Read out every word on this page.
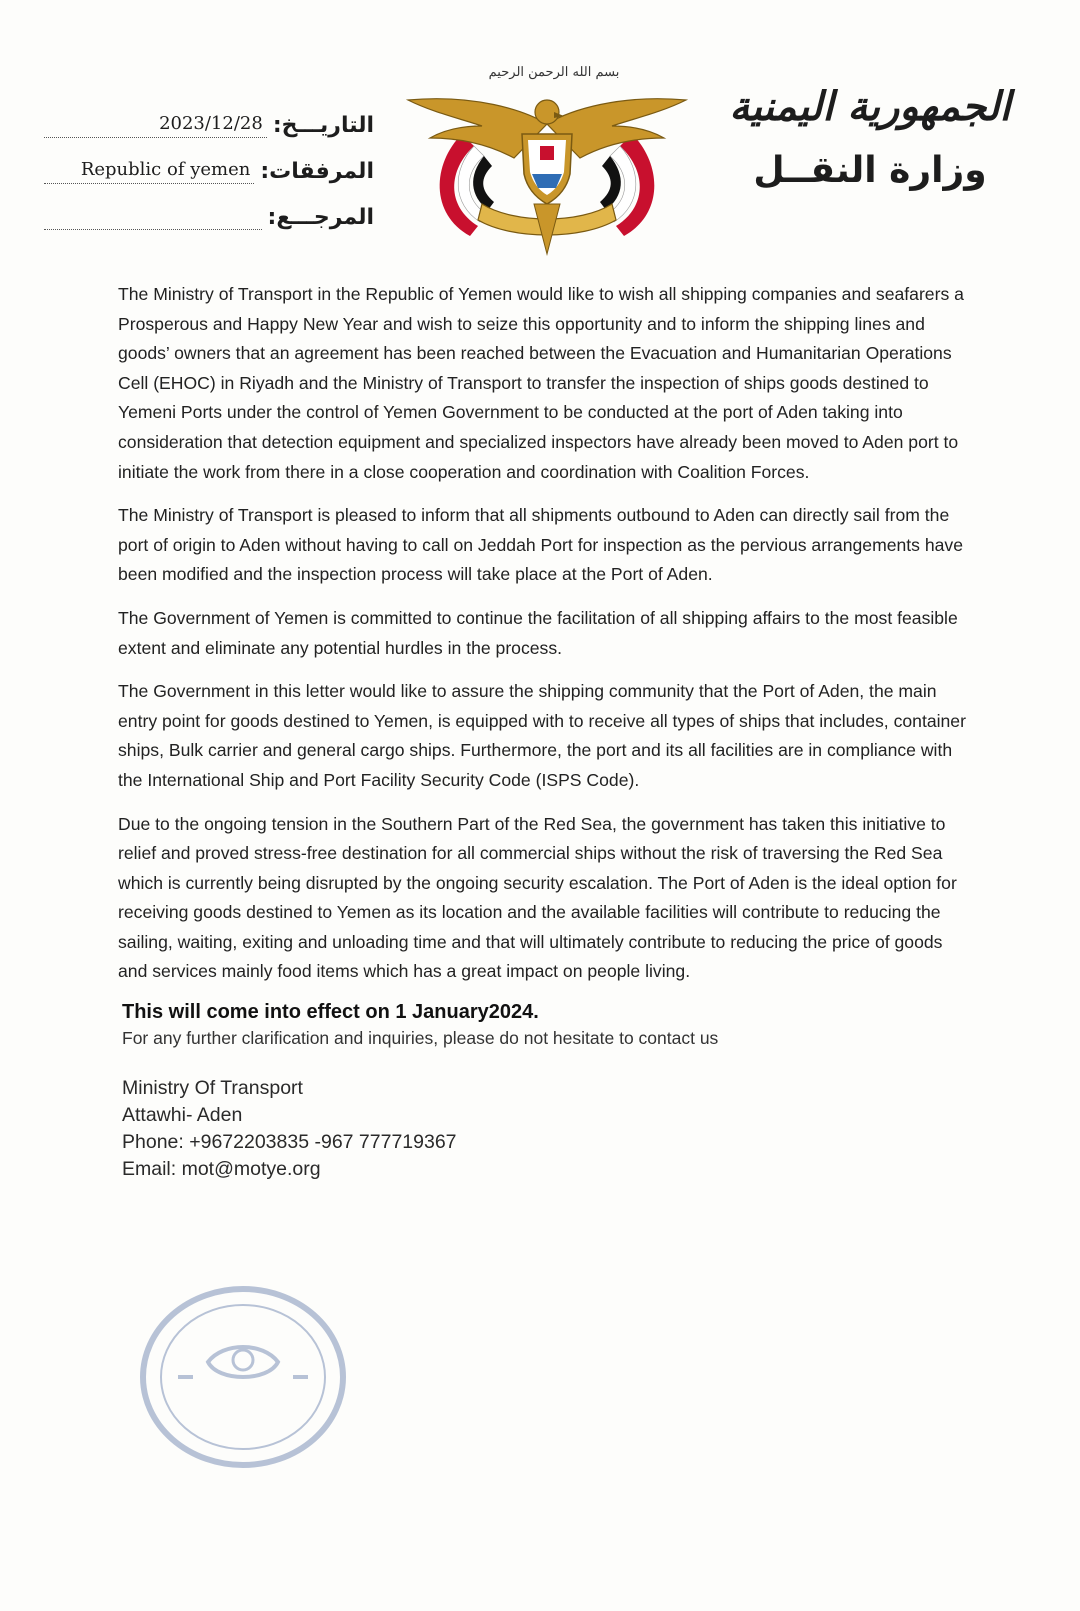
2023/12/28 التاريـــخ:
Republic of yemen المرفقات:
المرجـــع:
بسم الله الرحمن الرحيم
الجمهورية اليمنية
وزارة النقــل

The Ministry of Transport in the Republic of Yemen would like to wish all shipping companies and seafarers a Prosperous and Happy New Year and wish to seize this opportunity and to inform the shipping lines and goods’ owners that an agreement has been reached between the Evacuation and Humanitarian Operations Cell (EHOC) in Riyadh and the Ministry of Transport to transfer the inspection of ships goods destined to Yemeni Ports under the control of Yemen Government to be conducted at the port of Aden taking into consideration that detection equipment and specialized inspectors have already been moved to Aden port to initiate the work from there in a close cooperation and coordination with Coalition Forces.

The Ministry of Transport is pleased to inform that all shipments outbound to Aden can directly sail from the port of origin to Aden without having to call on Jeddah Port for inspection as the pervious arrangements have been modified and the inspection process will take place at the Port of Aden.

The Government of Yemen is committed to continue the facilitation of all shipping affairs to the most feasible extent and eliminate any potential hurdles in the process.

The Government in this letter would like to assure the shipping community that the Port of Aden, the main entry point for goods destined to Yemen, is equipped with to receive all types of ships that includes, container ships, Bulk carrier and general cargo ships. Furthermore, the port and its all facilities are in compliance with the International Ship and Port Facility Security Code (ISPS Code).

Due to the ongoing tension in the Southern Part of the Red Sea, the government has taken this initiative to relief and proved stress-free destination for all commercial ships without the risk of traversing the Red Sea which is currently being disrupted by the ongoing security escalation. The Port of Aden is the ideal option for receiving goods destined to Yemen as its location and the available facilities will contribute to reducing the sailing, waiting, exiting and unloading time and that will ultimately contribute to reducing the price of goods and services mainly food items which has a great impact on people living.

This will come into effect on 1 January2024.
For any further clarification and inquiries, please do not hesitate to contact us
Ministry Of Transport
Attawhi- Aden
Phone: +9672203835 -967 777719367
Email: mot@motye.org
